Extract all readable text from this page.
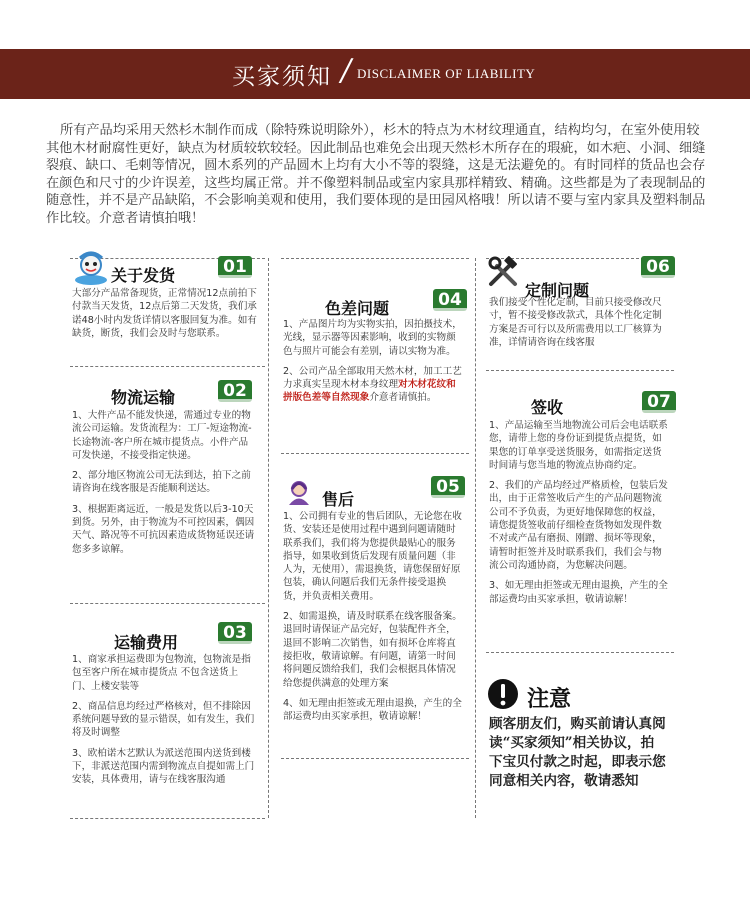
买家须知 / DISCLAIMER OF LIABILITY

所有产品均采用天然杉木制作而成（除特殊说明除外），杉木的特点为木材纹理通直，结构均匀，在室外使用较其他木材耐腐性更好，缺点为材质较软较轻。因此制品也难免会出现天然杉木所存在的瑕疵，如木疤、小洞、细缝裂痕、缺口、毛刺等情况，圆木系列的产品圆木上均有大小不等的裂缝，这是无法避免的。有时同样的货品也会存在颜色和尺寸的少许误差，这些均属正常。并不像塑料制品或室内家具那样精致、精确。这些都是为了表现制品的随意性，并不是产品缺陷，不会影响美观和使用，我们要体现的是田园风格哦！所以请不要与室内家具及塑料制品作比较。介意者请慎拍哦！

关于发货	01

大部分产品常备现货，正常情况12点前拍下付款当天发货，12点后第二天发货，我们承诺48小时内发货详情以客服回复为准。如有缺货，断货，我们会及时与您联系。

物流运输	02

1、大件产品不能发快递，需通过专业的物流公司运输。发货流程为：工厂-短途物流-长途物流-客户所在城市提货点。小件产品可发快递，不接受指定快递。

2、部分地区物流公司无法到达，拍下之前请咨询在线客服是否能顺利送达。

3、根据距离远近，一般是发货以后3-10天到货。另外，由于物流为不可控因素，偶因天气、路况等不可抗因素造成货物延误还请您多多谅解。

运输费用	03

1、商家承担运费即为包物流，包物流是指包至客户所在城市提货点 不包含送货上门、上楼安装等

2、商品信息均经过严格核对，但不排除因系统问题导致的显示错误，如有发生，我们将及时调整

3、欧柏诺木艺默认为派送范围内送货到楼下，非派送范围内需到物流点自提如需上门安装，具体费用，请与在线客服沟通

色差问题	04

1、产品图片均为实物实拍，因拍摄技术，光线，显示器等因素影响，收到的实物颜色与照片可能会有差别，请以实物为准。

2、公司产品全部取用天然木材，加工工艺力求真实呈现木材本身纹理对木材花纹和拼版色差等自然现象介意者请慎拍。

售后
05

1、公司拥有专业的售后团队，无论您在收货、安装还是使用过程中遇到问题请随时联系我们，我们将为您提供最贴心的服务指导，如果收到货后发现有质量问题（非人为，无使用），需退换货，请您保留好原包装，确认问题后我们无条件接受退换货，并负责相关费用。

2、如需退换，请及时联系在线客服备案。退回时请保证产品完好，包装配件齐全，退回不影响二次销售，如有损坏仓库将直接拒收，敬请谅解。有问题，请第一时间将问题反馈给我们，我们会根据具体情况给您提供满意的处理方案

4、如无理由拒签或无理由退换，产生的全部运费均由买家承担，敬请谅解！

定制问题
06

我们接受个性化定制，目前只接受修改尺寸，暂不接受修改款式，具体个性化定制方案是否可行以及所需费用以工厂核算为准，详情请咨询在线客服

签收	07

1、产品运输至当地物流公司后会电话联系您，请带上您的身份证到提货点提货，如果您的订单享受送货服务，如需指定送货时间请与您当地的物流点协商约定。

2、我们的产品均经过严格质检，包装后发出，由于正常签收后产生的产品问题物流公司不予负责，为更好地保障您的权益，请您提货签收前仔细检查货物如发现件数不对或产品有磨损、刚蹭、损坏等现象，请暂时拒签并及时联系我们，我们会与物流公司沟通协商，为您解决问题。

3、如无理由拒签或无理由退换，产生的全部运费均由买家承担，敬请谅解！

注意
顾客朋友们，购买前请认真阅读“买家须知”相关协议，拍下宝贝付款之时起，即表示您同意相关内容，敬请悉知
